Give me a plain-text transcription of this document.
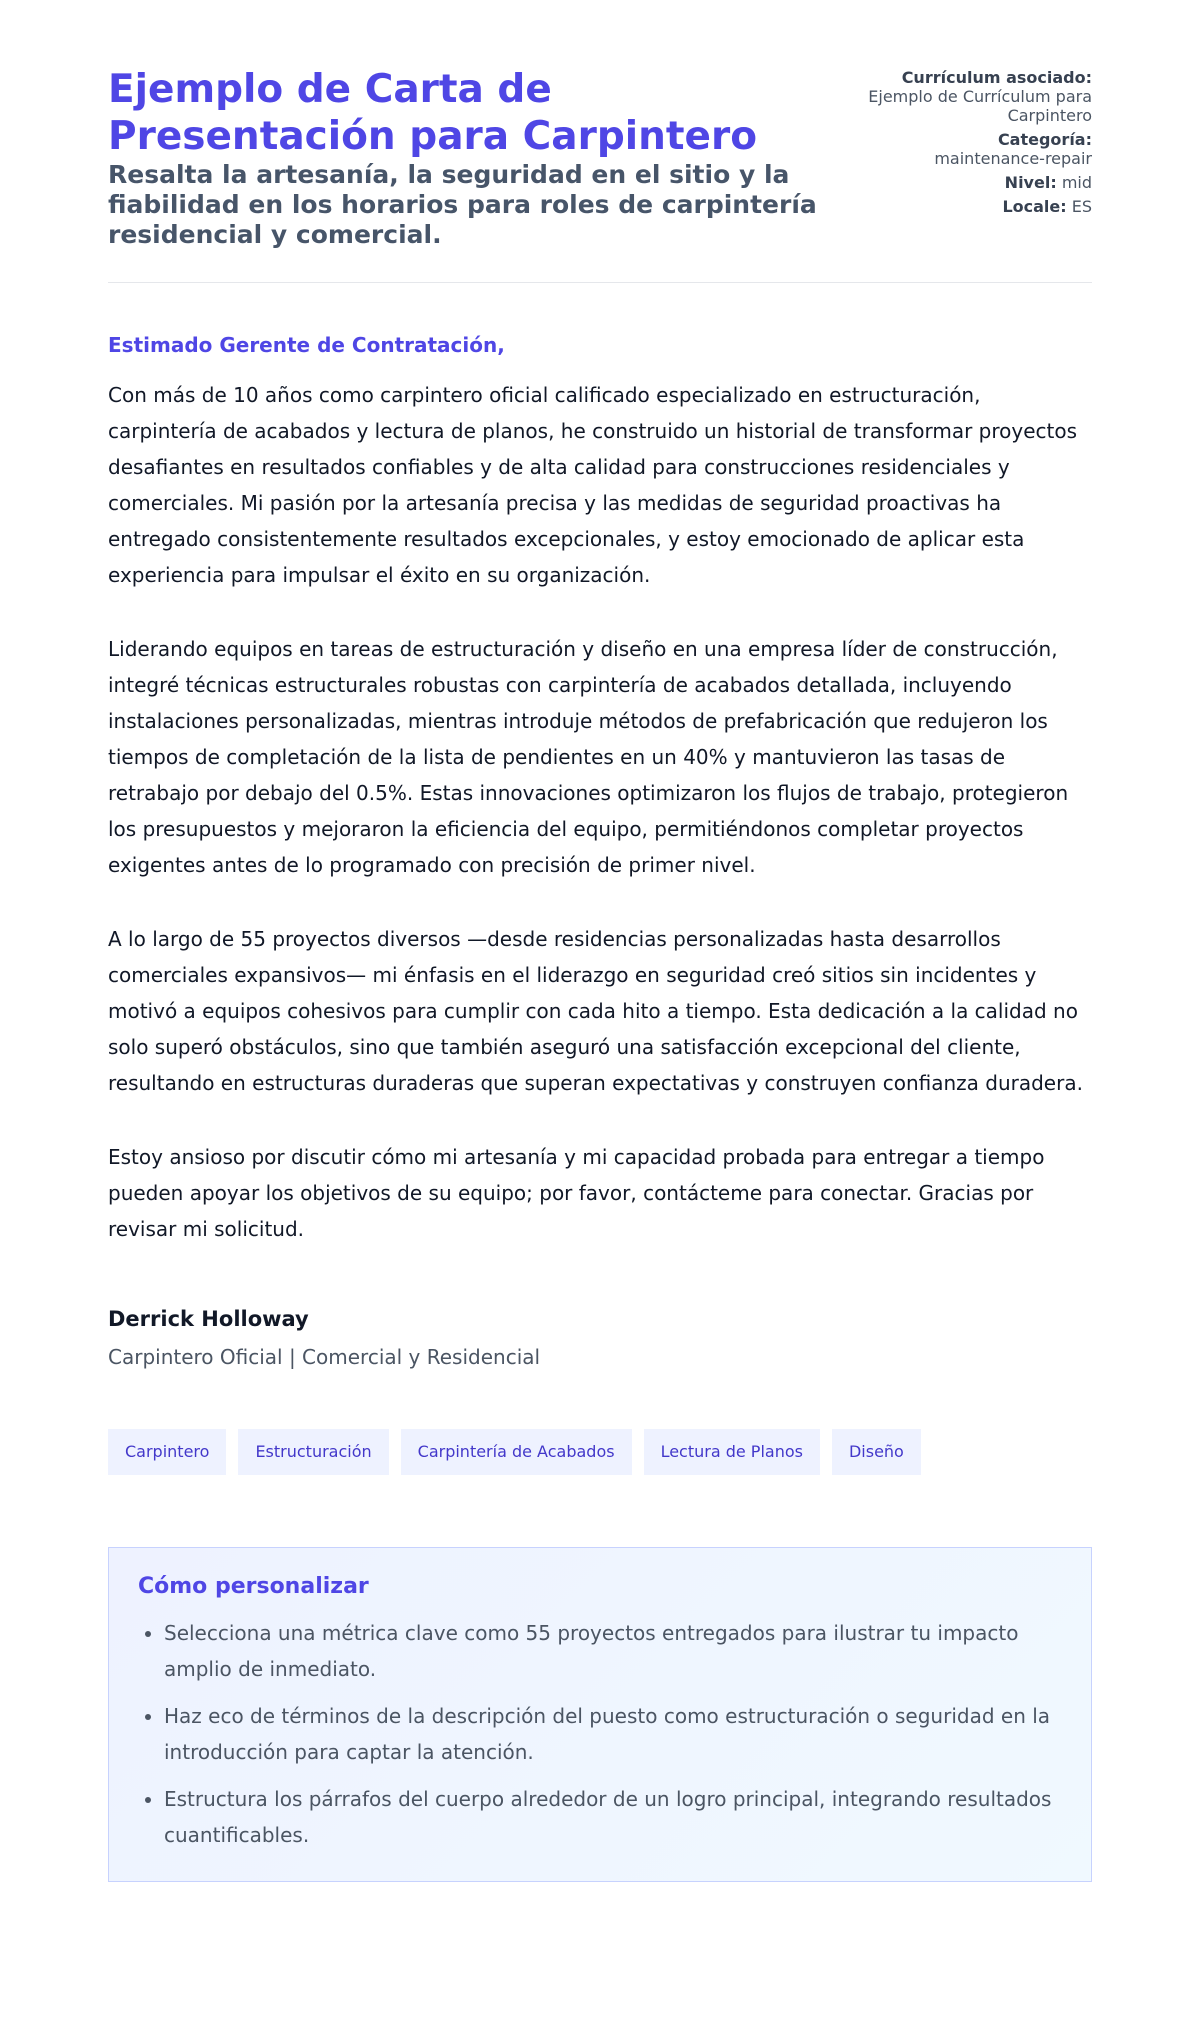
Ejemplo de Carta de Presentación para Carpintero
Resalta la artesanía, la seguridad en el sitio y la fiabilidad en los horarios para roles de carpintería residencial y comercial.
Currículum asociado:
Ejemplo de Currículum para Carpintero
Categoría:
maintenance-repair
Nivel: mid
Locale: ES

Estimado Gerente de Contratación,

Con más de 10 años como carpintero oficial calificado especializado en estructuración, carpintería de acabados y lectura de planos, he construido un historial de transformar proyectos desafiantes en resultados confiables y de alta calidad para construcciones residenciales y comerciales. Mi pasión por la artesanía precisa y las medidas de seguridad proactivas ha entregado consistentemente resultados excepcionales, y estoy emocionado de aplicar esta experiencia para impulsar el éxito en su organización.

Liderando equipos en tareas de estructuración y diseño en una empresa líder de construcción, integré técnicas estructurales robustas con carpintería de acabados detallada, incluyendo instalaciones personalizadas, mientras introduje métodos de prefabricación que redujeron los tiempos de completación de la lista de pendientes en un 40% y mantuvieron las tasas de retrabajo por debajo del 0.5%. Estas innovaciones optimizaron los flujos de trabajo, protegieron los presupuestos y mejoraron la eficiencia del equipo, permitiéndonos completar proyectos exigentes antes de lo programado con precisión de primer nivel.

A lo largo de 55 proyectos diversos —desde residencias personalizadas hasta desarrollos comerciales expansivos— mi énfasis en el liderazgo en seguridad creó sitios sin incidentes y motivó a equipos cohesivos para cumplir con cada hito a tiempo. Esta dedicación a la calidad no solo superó obstáculos, sino que también aseguró una satisfacción excepcional del cliente, resultando en estructuras duraderas que superan expectativas y construyen confianza duradera.

Estoy ansioso por discutir cómo mi artesanía y mi capacidad probada para entregar a tiempo pueden apoyar los objetivos de su equipo; por favor, contácteme para conectar. Gracias por revisar mi solicitud.

Derrick Holloway

Carpintero Oficial | Comercial y Residencial

Carpintero	Estructuración	Carpintería de Acabados	Lectura de Planos	Diseño
Cómo personalizar
• Selecciona una métrica clave como 55 proyectos entregados para ilustrar tu impacto amplio de inmediato.
• Haz eco de términos de la descripción del puesto como estructuración o seguridad en la introducción para captar la atención.
• Estructura los párrafos del cuerpo alrededor de un logro principal, integrando resultados cuantificables.
